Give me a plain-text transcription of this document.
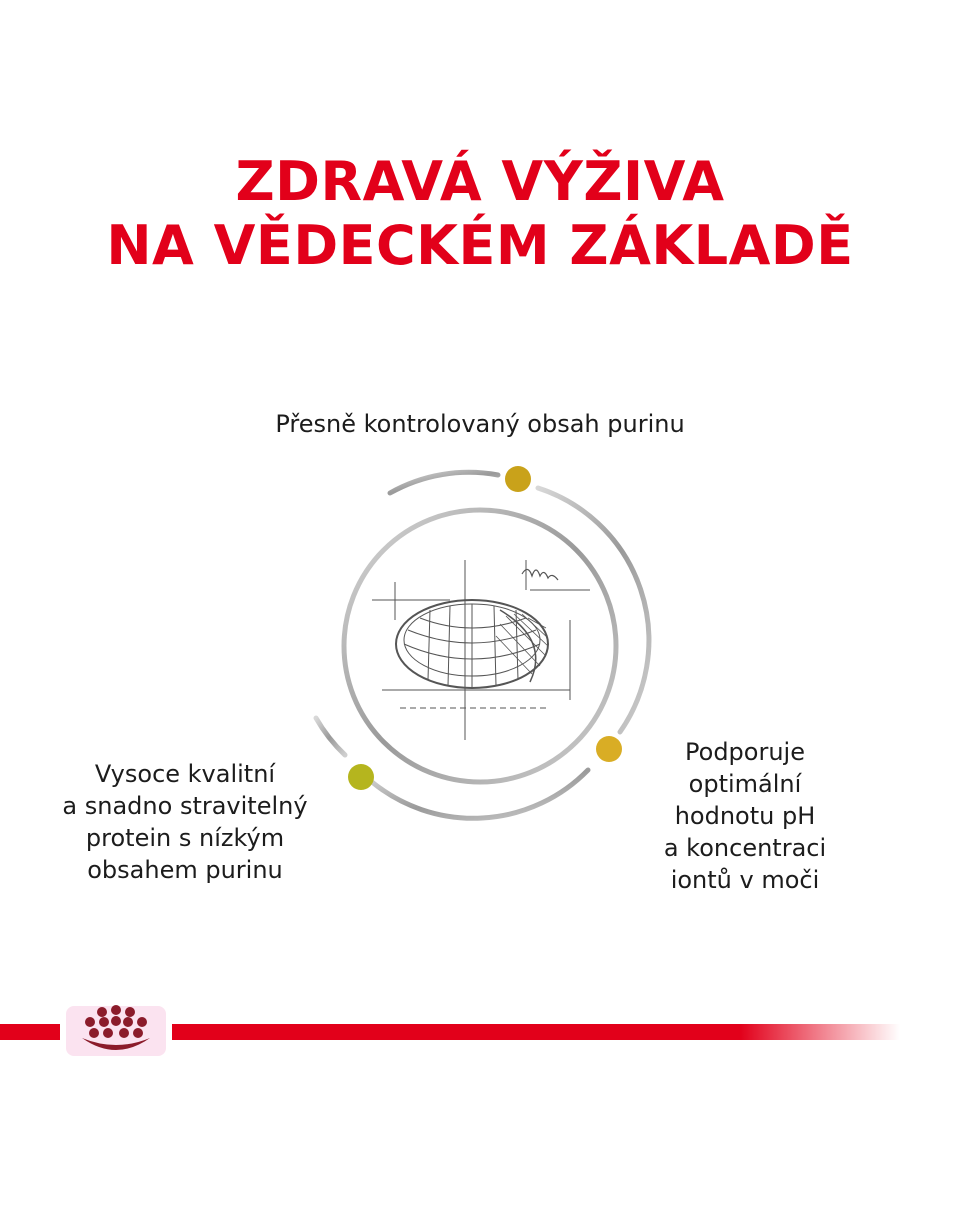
ZDRAVÁ VÝŽIVA
NA VĚDECKÉM ZÁKLADĚ
Přesně kontrolovaný obsah purinu
Vysoce kvalitní
a snadno stravitelný
protein s nízkým
obsahem purinu
Podporuje
optimální
hodnotu pH
a koncentraci
iontů v moči
